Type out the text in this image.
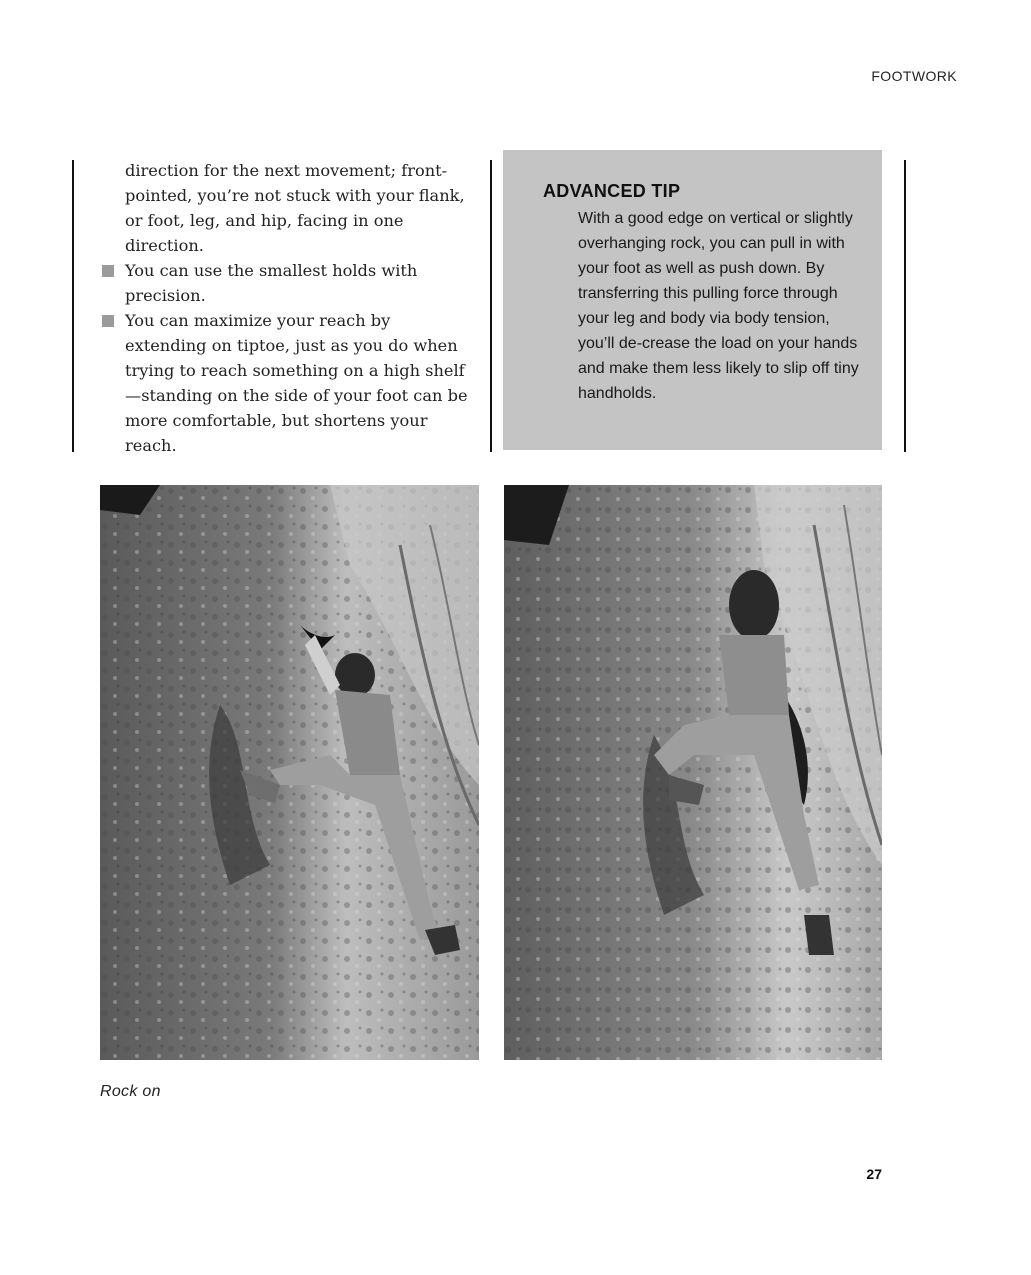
FOOTWORK

direction for the next movement; front-pointed, you’re not stuck with your flank, or foot, leg, and hip, facing in one direction.

You can use the smallest holds with precision.
You can maximize your reach by extending on tiptoe, just as you do when trying to reach something on a high shelf—standing on the side of your foot can be more comfortable, but shortens your reach.
ADVANCED TIP

With a good edge on vertical or slightly overhanging rock, you can pull in with your foot as well as push down. By transferring this pulling force through your leg and body via body tension, you’ll de-crease the load on your hands and make them less likely to slip off tiny handholds.

Rock on
27
